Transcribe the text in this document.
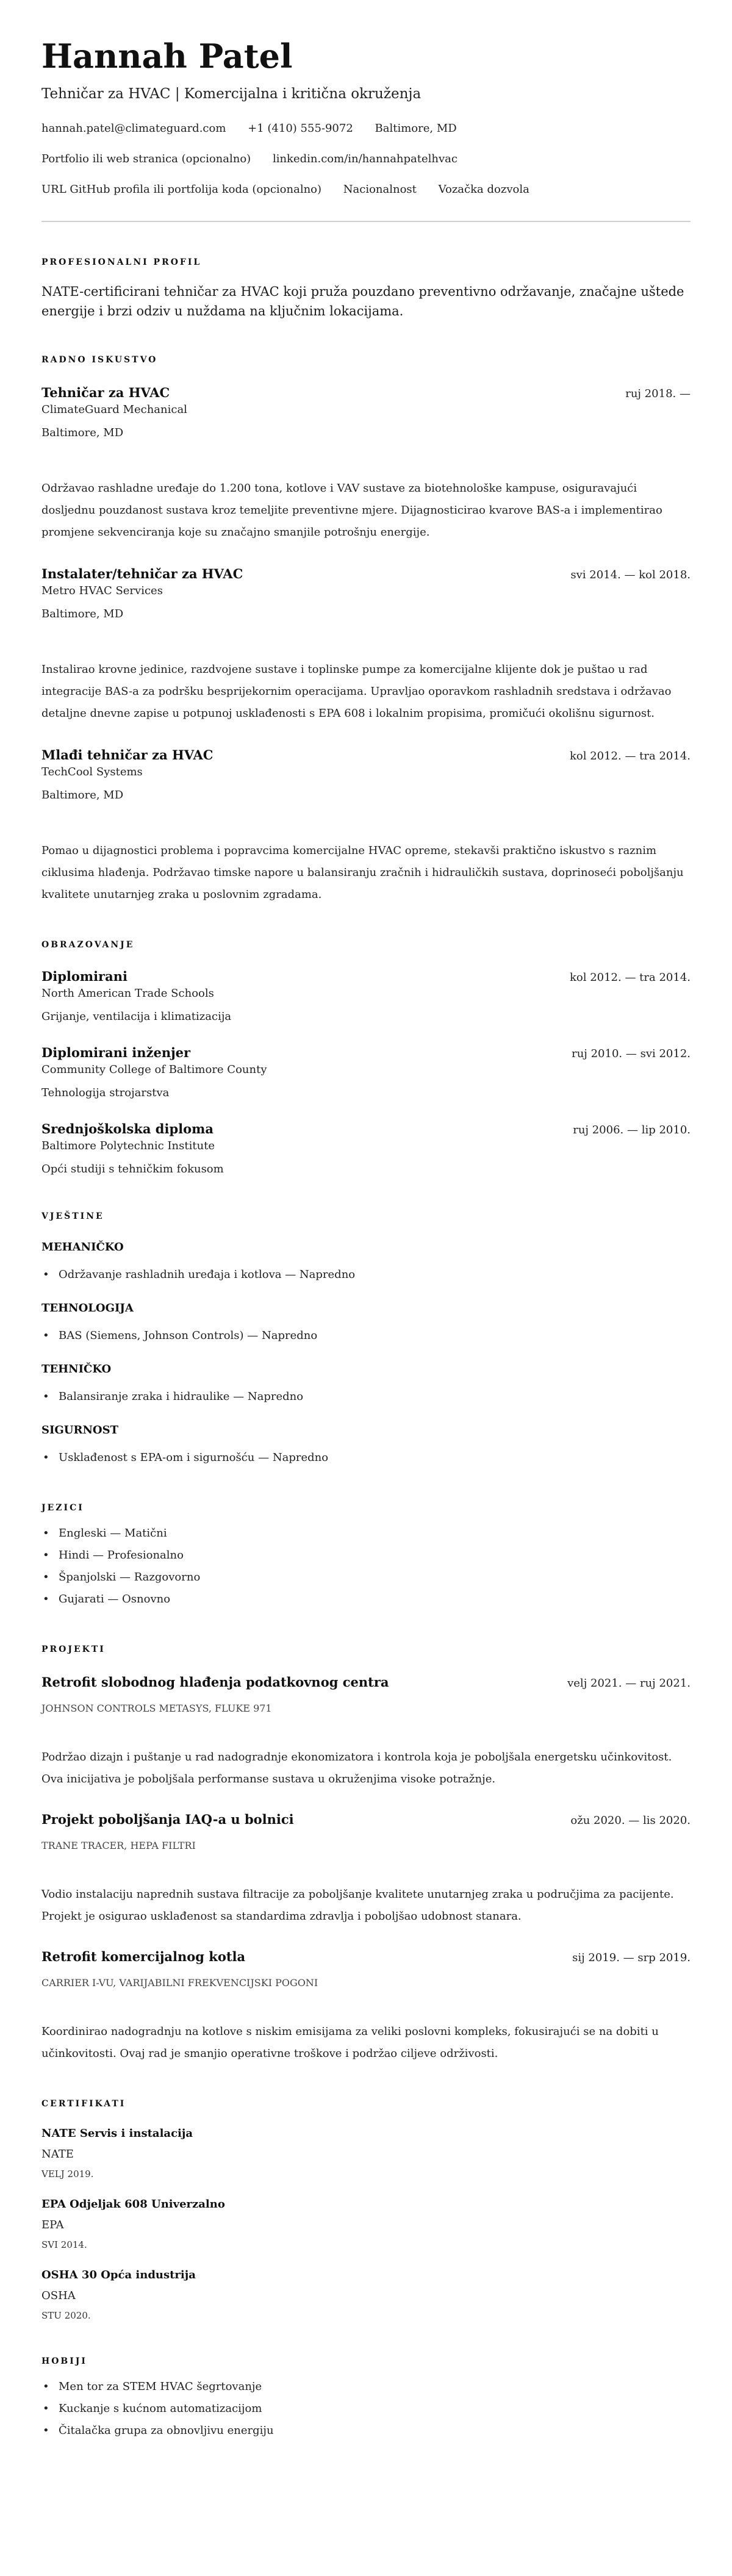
Hannah Patel
Tehničar za HVAC | Komercijalna i kritična okruženja
hannah.patel@climateguard.com +1 (410) 555-9072 Baltimore, MD
Portfolio ili web stranica (opcionalno) linkedin.com/in/hannahpatelhvac
URL GitHub profila ili portfolija koda (opcionalno) Nacionalnost Vozačka dozvola
PROFESIONALNI PROFIL

NATE-certificirani tehničar za HVAC koji pruža pouzdano preventivno održavanje, značajne uštede energije i brzi odziv u nuždama na ključnim lokacijama.

RADNO ISKUSTVO
Tehničar za HVAC	ruj 2018. —
ClimateGuard Mechanical
Baltimore, MD

Održavao rashladne uređaje do 1.200 tona, kotlove i VAV sustave za biotehnološke kampuse, osiguravajući dosljednu pouzdanost sustava kroz temeljite preventivne mjere. Dijagnosticirao kvarove BAS-a i implementirao promjene sekvenciranja koje su značajno smanjile potrošnju energije.

Instalater/tehničar za HVAC	svi 2014. — kol 2018.
Metro HVAC Services
Baltimore, MD

Instalirao krovne jedinice, razdvojene sustave i toplinske pumpe za komercijalne klijente dok je puštao u rad integracije BAS-a za podršku besprijekornim operacijama. Upravljao oporavkom rashladnih sredstava i održavao detaljne dnevne zapise u potpunoj usklađenosti s EPA 608 i lokalnim propisima, promičući okolišnu sigurnost.

Mlađi tehničar za HVAC	kol 2012. — tra 2014.
TechCool Systems
Baltimore, MD

Pomao u dijagnostici problema i popravcima komercijalne HVAC opreme, stekavši praktično iskustvo s raznim ciklusima hlađenja. Podržavao timske napore u balansiranju zračnih i hidrauličkih sustava, doprinoseći poboljšanju kvalitete unutarnjeg zraka u poslovnim zgradama.

OBRAZOVANJE
Diplomirani	kol 2012. — tra 2014.
North American Trade Schools
Grijanje, ventilacija i klimatizacija
Diplomirani inženjer	ruj 2010. — svi 2012.
Community College of Baltimore County
Tehnologija strojarstva
Srednjoškolska diploma	ruj 2006. — lip 2010.
Baltimore Polytechnic Institute
Opći studiji s tehničkim fokusom
VJEŠTINE
MEHANIČKO
• Održavanje rashladnih uređaja i kotlova — Napredno
TEHNOLOGIJA
• BAS (Siemens, Johnson Controls) — Napredno
TEHNIČKO
• Balansiranje zraka i hidraulike — Napredno
SIGURNOST
• Usklađenost s EPA-om i sigurnošću — Napredno
JEZICI
• Engleski — Matični
• Hindi — Profesionalno
• Španjolski — Razgovorno
• Gujarati — Osnovno
PROJEKTI
Retrofit slobodnog hlađenja podatkovnog centra	velj 2021. — ruj 2021.
JOHNSON CONTROLS METASYS, FLUKE 971

Podržao dizajn i puštanje u rad nadogradnje ekonomizatora i kontrola koja je poboljšala energetsku učinkovitost. Ova inicijativa je poboljšala performanse sustava u okruženjima visoke potražnje.

Projekt poboljšanja IAQ-a u bolnici	ožu 2020. — lis 2020.
TRANE TRACER, HEPA FILTRI

Vodio instalaciju naprednih sustava filtracije za poboljšanje kvalitete unutarnjeg zraka u područjima za pacijente. Projekt je osigurao usklađenost sa standardima zdravlja i poboljšao udobnost stanara.

Retrofit komercijalnog kotla	sij 2019. — srp 2019.
CARRIER I-VU, VARIJABILNI FREKVENCIJSKI POGONI

Koordinirao nadogradnju na kotlove s niskim emisijama za veliki poslovni kompleks, fokusirajući se na dobiti u učinkovitosti. Ovaj rad je smanjio operativne troškove i podržao ciljeve održivosti.

CERTIFIKATI
NATE Servis i instalacija
NATE
VELJ 2019.
EPA Odjeljak 608 Univerzalno
EPA
SVI 2014.
OSHA 30 Opća industrija
OSHA
STU 2020.
HOBIJI
• Men tor za STEM HVAC šegrtovanje
• Kuckanje s kućnom automatizacijom
• Čitalačka grupa za obnovljivu energiju
